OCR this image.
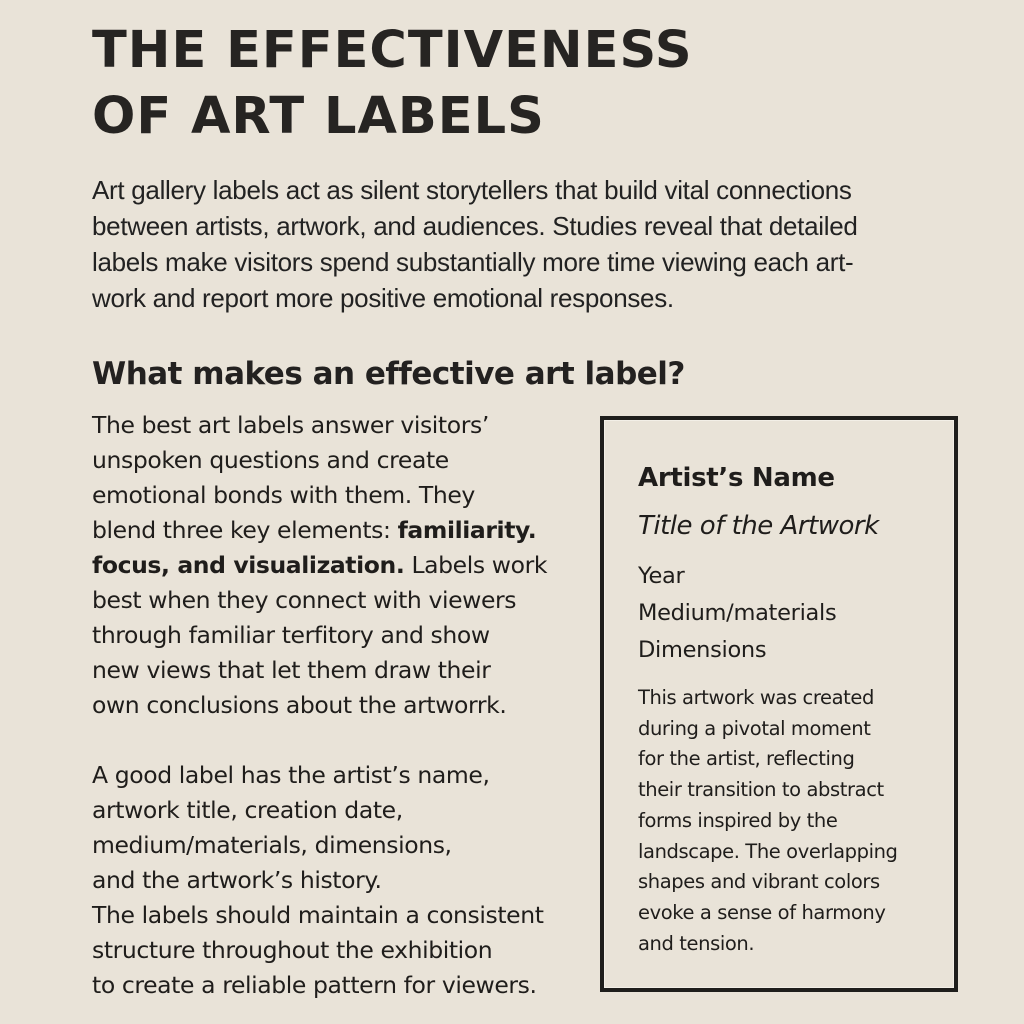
THE EFFECTIVENESS
OF ART LABELS

Art gallery labels act as silent storytellers that build vital connections
between artists, artwork, and audiences. Studies reveal that detailed
labels make visitors spend substantially more time viewing each art-
work and report more positive emotional responses.

What makes an effective art label?

The best art labels answer visitors’
unspoken questions and create
emotional bonds with them. They
blend three key elements: familiarity.
focus, and visualization. Labels work
best when they connect with viewers
through familiar terfitory and show
new views that let them draw their
own conclusions about the artworrk.

A good label has the artist’s name,
artwork title, creation date,
medium/materials, dimensions,
and the artwork’s history.
The labels should maintain a consistent
structure throughout the exhibition
to create a reliable pattern for viewers.

Artist’s Name

Title of the Artwork

Year
Medium/materials
Dimensions

This artwork was created
during a pivotal moment
for the artist, reflecting
their transition to abstract
forms inspired by the
landscape. The overlapping
shapes and vibrant colors
evoke a sense of harmony
and tension.
